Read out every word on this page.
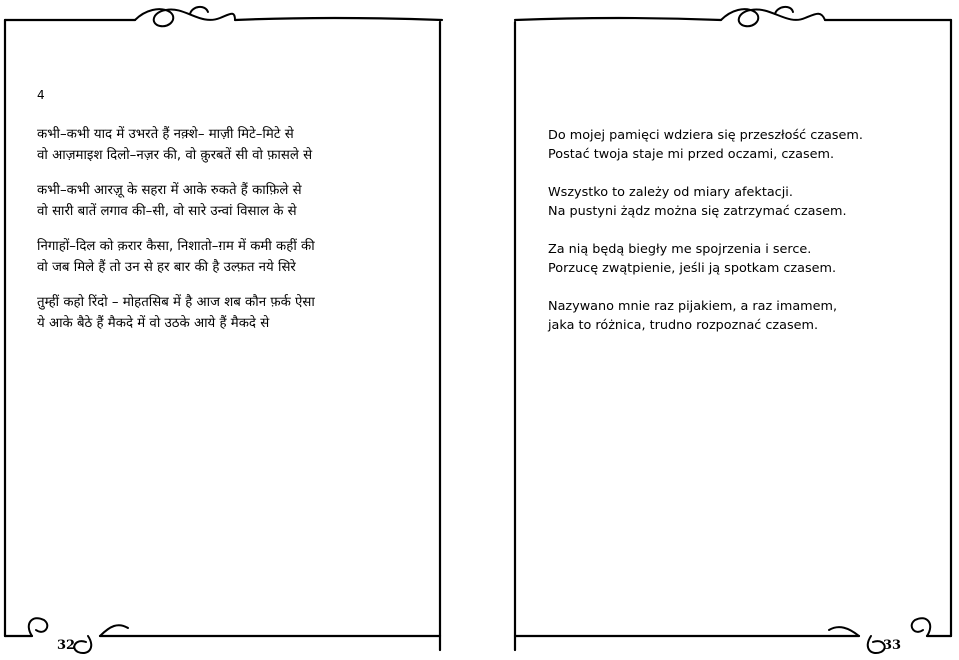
4
कभी–कभी याद में उभरते हैं नक़्शे– माज़ी मिटे–मिटे से
वो आज़माइश दिलो–नज़र की, वो क़ुरबतें सी वो फ़ासले से
कभी–कभी आरज़ू के सहरा में आके रुकते हैं काफ़िले से
वो सारी बातें लगाव की–सी, वो सारे उन्वां विसाल के से
निगाहों–दिल को क़रार कैसा, निशातो–ग़म में कमी कहीं की
वो जब मिले हैं तो उन से हर बार की है उल्फ़त नये सिरे
तुम्हीं कहो रिंदो – मोहतसिब में है आज शब कौन फ़र्क ऐसा
ये आके बैठे हैं मैकदे में वो उठके आये हैं मैकदे से
32
Do mojej pamięci wdziera się przeszłość czasem.
Postać twoja staje mi przed oczami, czasem.
Wszystko to zależy od miary afektacji.
Na pustyni żądz można się zatrzymać czasem.
Za nią będą biegły me spojrzenia i serce.
Porzucę zwątpienie, jeśli ją spotkam czasem.
Nazywano mnie raz pijakiem, a raz imamem,
jaka to różnica, trudno rozpoznać czasem.
33
